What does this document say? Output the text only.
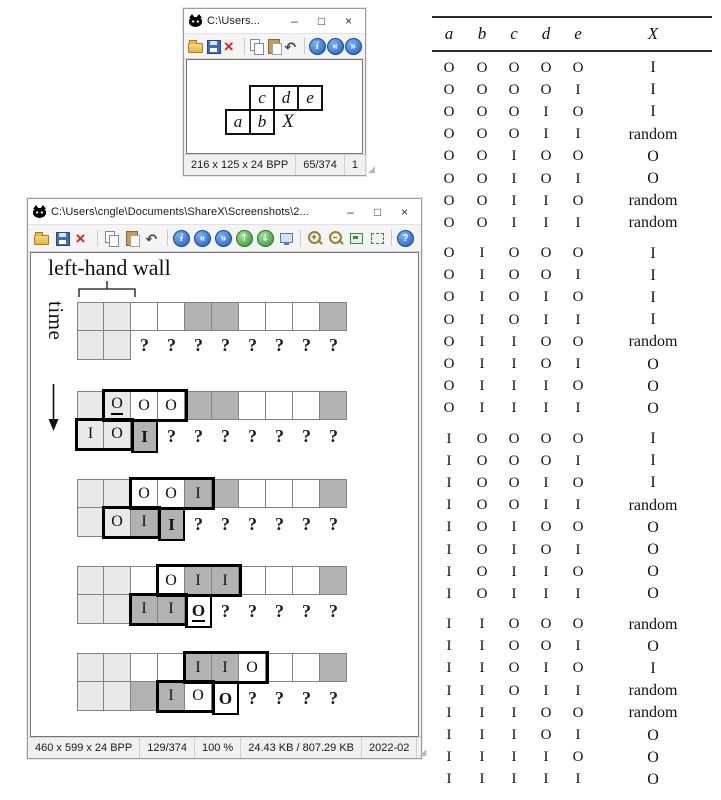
C:\Users...	–	□	×
×
↶
i
«
»
c d e
a b X
216 x 125 x 24 BPP	65/374	1	◢
C:\Users\cngle\Documents\ShareX\Screenshots\2...	–	□	×
×
↶
i
«
»
↑
↓
+
−
?
left-hand wall
time
?	?	?	?	?	?	?	?
O O O
I O I	?	?	?	?	?	?	?
O O I
O I I	?	?	?	?	?	?
O I I
I I O ?	?	?	?	?
I I O
I O O ?	?	?	?
460 x 599 x 24 BPP	129/374	100 %	24.43 KB / 807.29 KB	2022-02	◢
a	b	c	d	e	X
O	O	O	O	O	I
O	O	O	O	I	I
O	O	O	I	O	I
O	O	O	I	I	random
O	O	I	O	O	O
O	O	I	O	I	O
O	O	I	I	O	random
O	O	I	I	I	random
O	I	O	O	O	I
O	I	O	O	I	I
O	I	O	I	O	I
O	I	O	I	I	I
O	I	I	O	O	random
O	I	I	O	I	O
O	I	I	I	O	O
O	I	I	I	I	O
I	O	O	O	O	I
I	O	O	O	I	I
I	O	O	I	O	I
I	O	O	I	I	random
I	O	I	O	O	O
I	O	I	O	I	O
I	O	I	I	O	O
I	O	I	I	I	O
I	I	O	O	O	random
I	I	O	O	I	O
I	I	O	I	O	I
I	I	O	I	I	random
I	I	I	O	O	random
I	I	I	O	I	O
I	I	I	I	O	O
I	I	I	I	I	O
